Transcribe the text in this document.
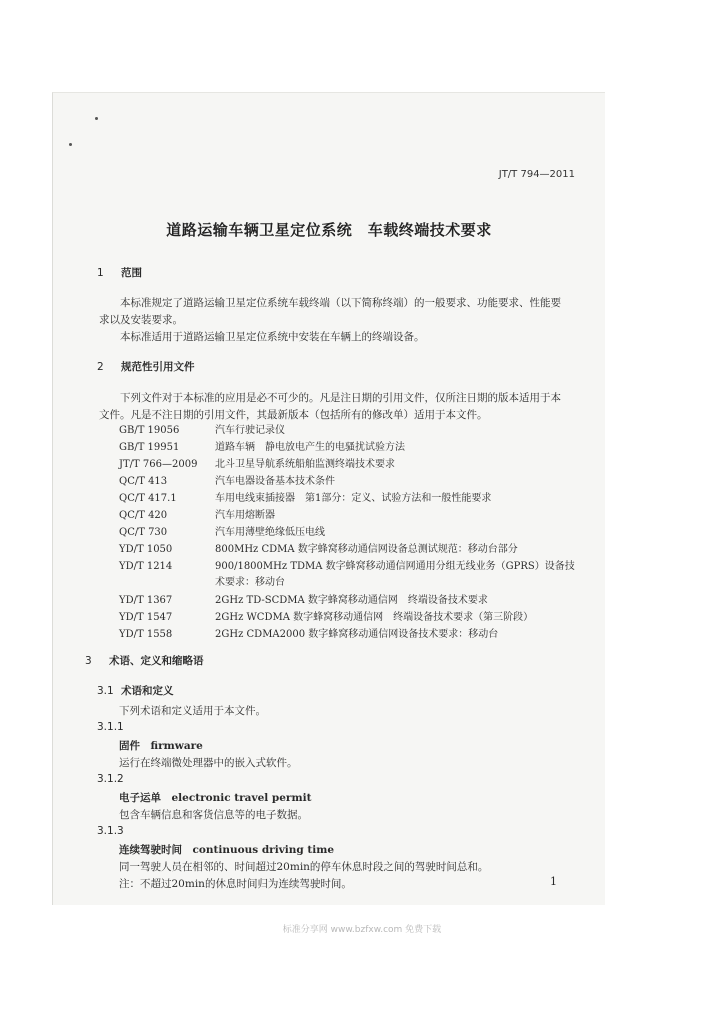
JT/T 794—2011
道路运输车辆卫星定位系统　车载终端技术要求
1 范围
本标准规定了道路运输卫星定位系统车载终端（以下简称终端）的一般要求、功能要求、性能要求以及安装要求。
本标准适用于道路运输卫星定位系统中安装在车辆上的终端设备。
2 规范性引用文件
下列文件对于本标准的应用是必不可少的。凡是注日期的引用文件，仅所注日期的版本适用于本文件。凡是不注日期的引用文件，其最新版本（包括所有的修改单）适用于本文件。
GB/T 19056	汽车行驶记录仪
GB/T 19951	道路车辆　静电放电产生的电骚扰试验方法
JT/T 766—2009	北斗卫星导航系统船舶监测终端技术要求
QC/T 413	汽车电器设备基本技术条件
QC/T 417.1	车用电线束插接器　第1部分：定义、试验方法和一般性能要求
QC/T 420	汽车用熔断器
QC/T 730	汽车用薄壁绝缘低压电线
YD/T 1050	800MHz CDMA 数字蜂窝移动通信网设备总测试规范：移动台部分
YD/T 1214	900/1800MHz TDMA 数字蜂窝移动通信网通用分组无线业务（GPRS）设备技术要求：移动台
YD/T 1367	2GHz TD-SCDMA 数字蜂窝移动通信网　终端设备技术要求
YD/T 1547	2GHz WCDMA 数字蜂窝移动通信网　终端设备技术要求（第三阶段）
YD/T 1558	2GHz CDMA2000 数字蜂窝移动通信网设备技术要求：移动台
3 术语、定义和缩略语
3.1 术语和定义
下列术语和定义适用于本文件。
3.1.1
固件　firmware
运行在终端微处理器中的嵌入式软件。
3.1.2
电子运单　electronic travel permit
包含车辆信息和客货信息等的电子数据。
3.1.3
连续驾驶时间　continuous driving time
同一驾驶人员在相邻的、时间超过20min的停车休息时段之间的驾驶时间总和。
注：不超过20min的休息时间归为连续驾驶时间。	1
标准分享网 www.bzfxw.com 免费下载
